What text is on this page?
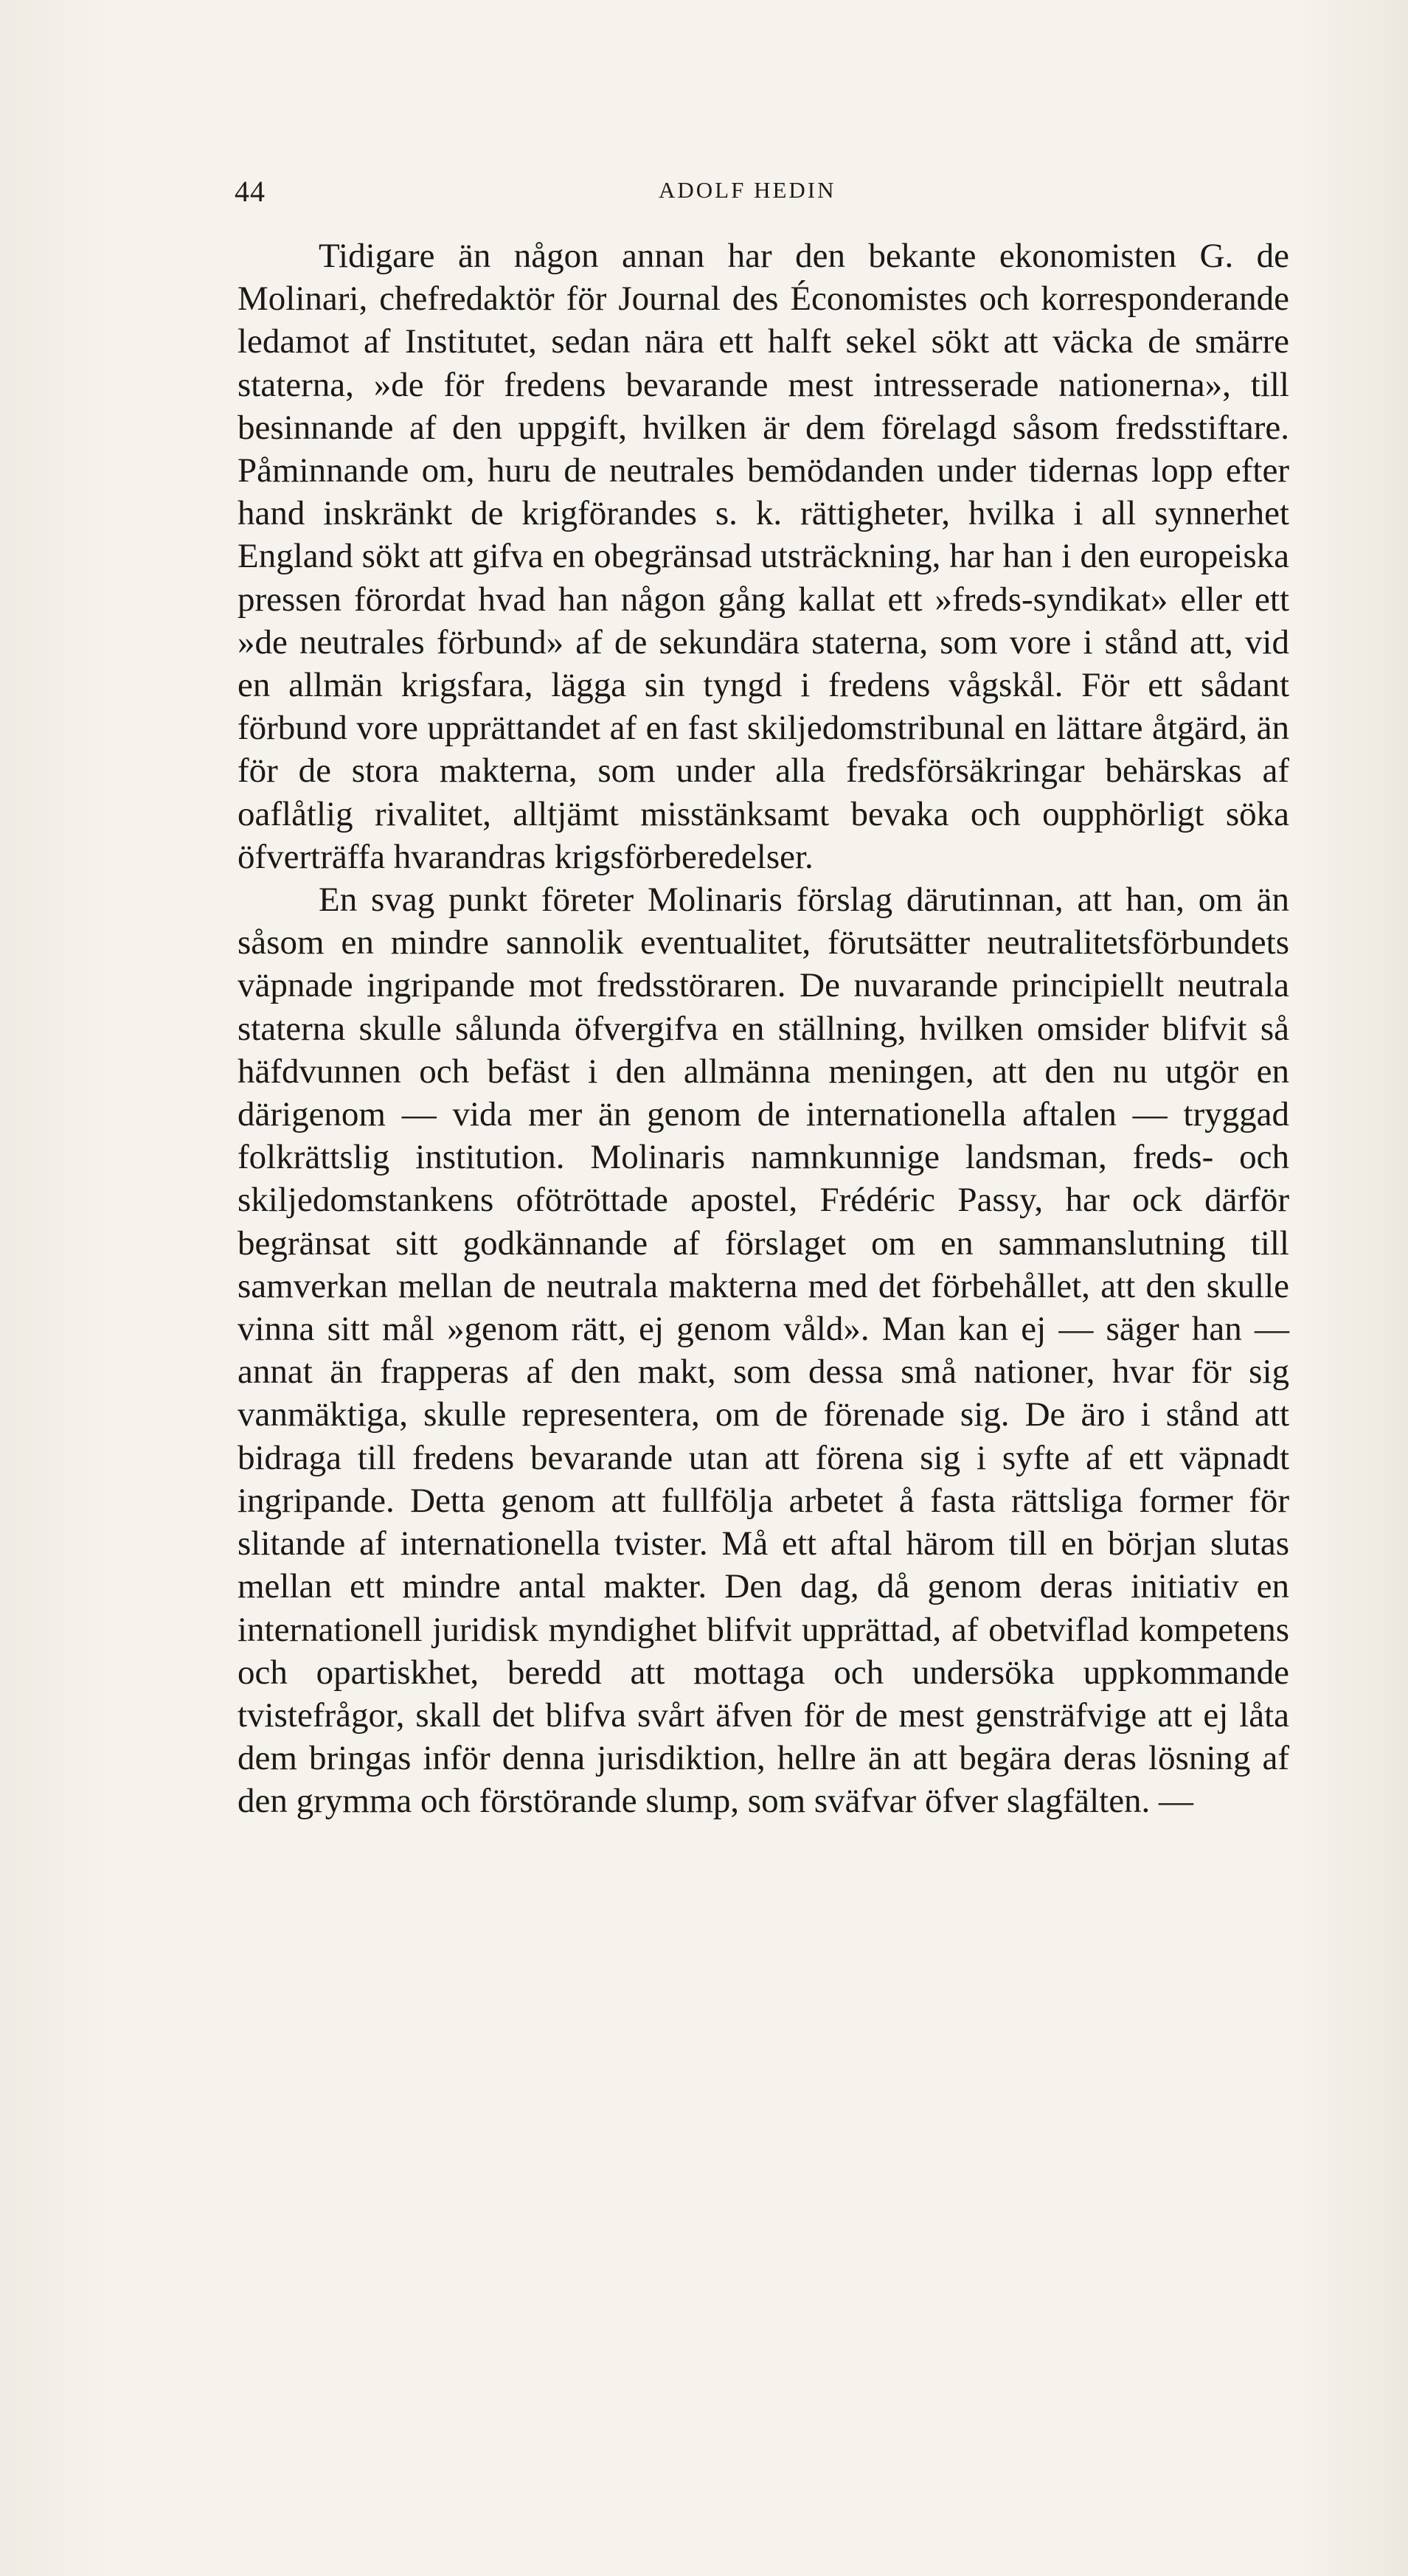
44	ADOLF HEDIN

Tidigare än någon annan har den bekante ekonomisten G. de Molinari, chefredaktör för Journal des Économistes och korresponderande ledamot af Institutet, sedan nära ett halft sekel sökt att väcka de smärre staterna, »de för fredens bevarande mest intresserade nationerna», till besinnande af den uppgift, hvilken är dem förelagd såsom fredsstiftare. Påminnande om, huru de neutrales bemödanden under tidernas lopp efter hand inskränkt de krigförandes s. k. rättigheter, hvilka i all synnerhet England sökt att gifva en obegränsad utsträckning, har han i den europeiska pressen förordat hvad han någon gång kallat ett »freds-syndikat» eller ett »de neutrales förbund» af de sekundära staterna, som vore i stånd att, vid en allmän krigsfara, lägga sin tyngd i fredens vågskål. För ett sådant förbund vore upprättandet af en fast skiljedomstribunal en lättare åtgärd, än för de stora makterna, som under alla fredsförsäkringar behärskas af oaflåtlig rivalitet, alltjämt misstänksamt bevaka och oupphörligt söka öfverträffa hvarandras krigsförberedelser.

En svag punkt företer Molinaris förslag därutinnan, att han, om än såsom en mindre sannolik eventualitet, förutsätter neutralitetsförbundets väpnade ingripande mot fredsstöraren. De nuvarande principiellt neutrala staterna skulle sålunda öfvergifva en ställning, hvilken omsider blifvit så häfdvunnen och befäst i den allmänna meningen, att den nu utgör en därigenom — vida mer än genom de internationella aftalen — tryggad folkrättslig institution. Molinaris namnkunnige landsman, freds- och skiljedomstankens ofötröttade apostel, Frédéric Passy, har ock därför begränsat sitt godkännande af förslaget om en sammanslutning till samverkan mellan de neutrala makterna med det förbehållet, att den skulle vinna sitt mål »genom rätt, ej genom våld». Man kan ej — säger han — annat än frapperas af den makt, som dessa små nationer, hvar för sig vanmäktiga, skulle representera, om de förenade sig. De äro i stånd att bidraga till fredens bevarande utan att förena sig i syfte af ett väpnadt ingripande. Detta genom att fullfölja arbetet å fasta rättsliga former för slitande af internationella tvister. Må ett aftal härom till en början slutas mellan ett mindre antal makter. Den dag, då genom deras initiativ en internationell juridisk myndighet blifvit upprättad, af obetviflad kompetens och opartiskhet, beredd att mottaga och undersöka uppkommande tvistefrågor, skall det blifva svårt äfven för de mest gensträfvige att ej låta dem bringas inför denna jurisdiktion, hellre än att begära deras lösning af den grymma och förstörande slump, som sväfvar öfver slagfälten. —
